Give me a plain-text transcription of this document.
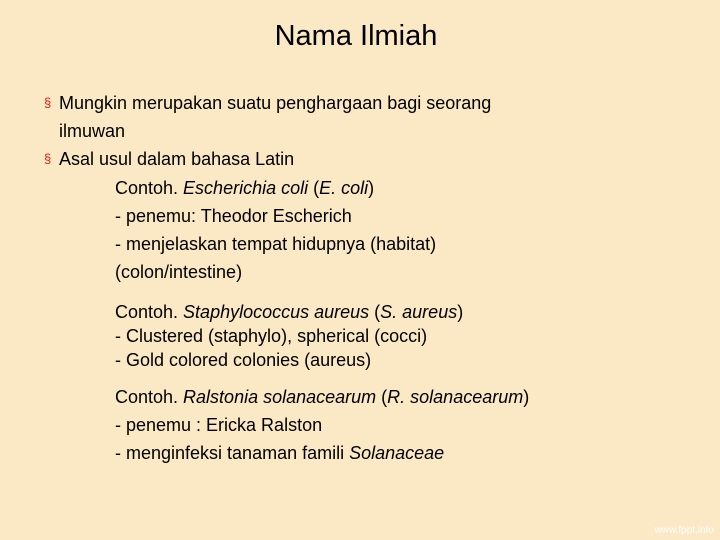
Nama Ilmiah
§ Mungkin merupakan suatu penghargaan bagi seorang
ilmuwan
§ Asal usul dalam bahasa Latin
Contoh. Escherichia coli (E. coli)
- penemu: Theodor Escherich
- menjelaskan tempat hidupnya (habitat)
(colon/intestine)
Contoh. Staphylococcus aureus (S. aureus)
- Clustered (staphylo), spherical (cocci)
- Gold colored colonies (aureus)
Contoh. Ralstonia solanacearum (R. solanacearum)
- penemu : Ericka Ralston
- menginfeksi tanaman famili Solanaceae
www.fppt.info
